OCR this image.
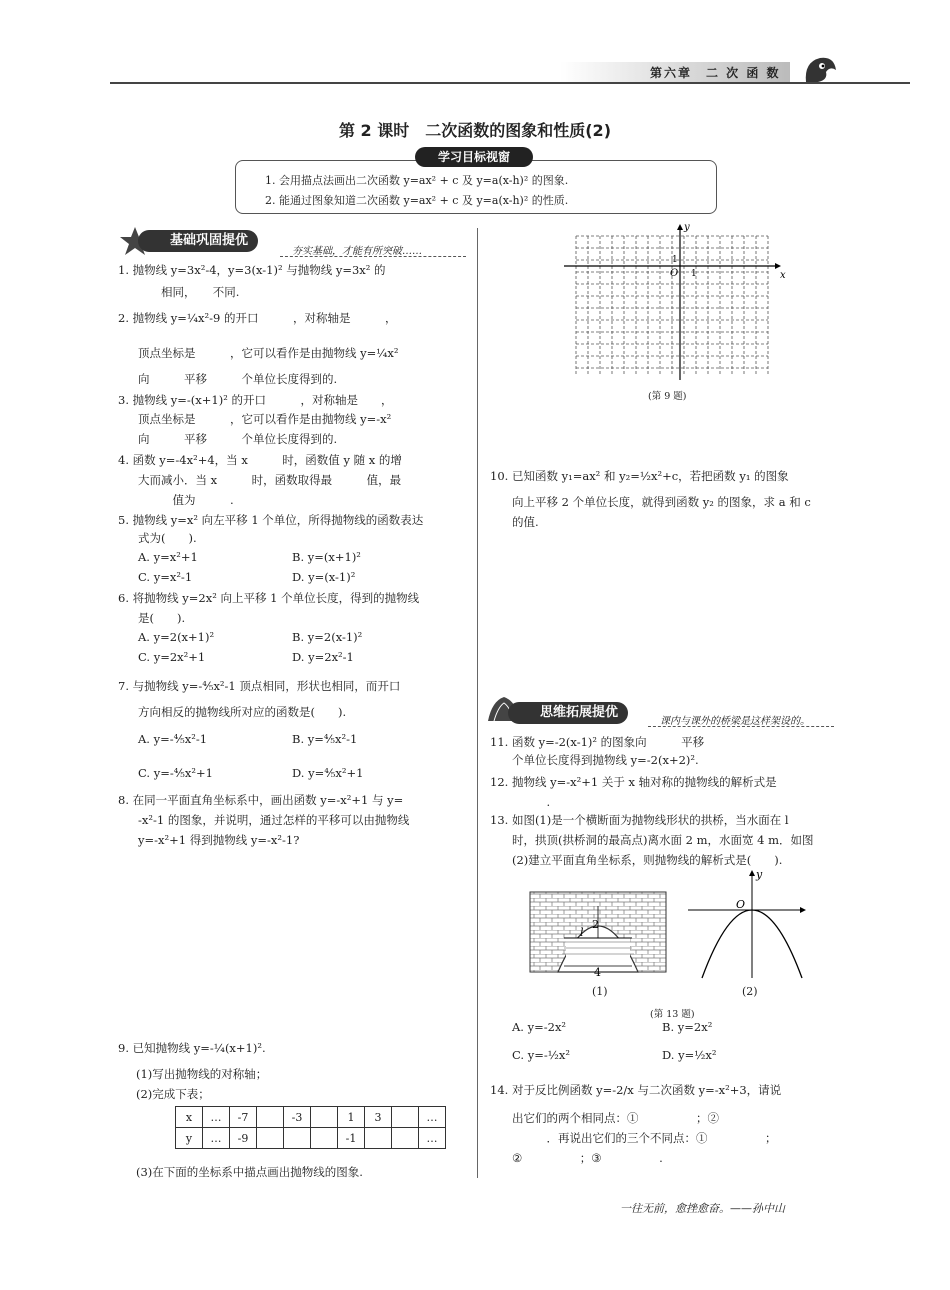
第六章　二 次 函 数
第 2 课时　二次函数的图象和性质(2)
学习目标视窗
1. 会用描点法画出二次函数 y=ax² + c 及 y=a(x-h)² 的图象.
2. 能通过图象知道二次函数 y=ax² + c 及 y=a(x-h)² 的性质.
基础巩固提优
夯实基础，才能有所突破……
1. 抛物线 y=3x²-4，y=3(x-1)² 与抛物线 y=3x² 的
　　相同，　　不同.
2. 抛物线 y=¼x²-9 的开口　　　，对称轴是　　　，
顶点坐标是　　　，它可以看作是由抛物线 y=¼x²
向　　　平移　　　个单位长度得到的.
3. 抛物线 y=-(x+1)² 的开口　　　，对称轴是　　，
顶点坐标是　　　，它可以看作是由抛物线 y=-x²
向　　　平移　　　个单位长度得到的.
4. 函数 y=-4x²+4，当 x　　　时，函数值 y 随 x 的增
大而减小．当 x　　　时，函数取得最　　　值，最
　　　值为　　　.
5. 抛物线 y=x² 向左平移 1 个单位，所得抛物线的函数表达
式为(　　).
A. y=x²+1	B. y=(x+1)²
C. y=x²-1	D. y=(x-1)²
6. 将抛物线 y=2x² 向上平移 1 个单位长度，得到的抛物线
是(　　).
A. y=2(x+1)²	B. y=2(x-1)²
C. y=2x²+1	D. y=2x²-1
7. 与抛物线 y=-⁴⁄₅x²-1 顶点相同，形状也相同，而开口
方向相反的抛物线所对应的函数是(　　).
A. y=-⁴⁄₅x²-1	B. y=⁴⁄₅x²-1
C. y=-⁴⁄₅x²+1	D. y=⁴⁄₅x²+1
8. 在同一平面直角坐标系中，画出函数 y=-x²+1 与 y=
-x²-1 的图象，并说明，通过怎样的平移可以由抛物线
y=-x²+1 得到抛物线 y=-x²-1?
9. 已知抛物线 y=-¼(x+1)².
(1)写出抛物线的对称轴；
(2)完成下表；
x	…	-7		-3		1	3		…
y	…	-9				-1			…
(3)在下面的坐标系中描点画出抛物线的图象.
y
x
O 1
1
(第 9 题)
10. 已知函数 y₁=ax² 和 y₂=½x²+c，若把函数 y₁ 的图象
向上平移 2 个单位长度，就得到函数 y₂ 的图象，求 a 和 c
的值.
思维拓展提优
课内与课外的桥梁是这样架设的。
11. 函数 y=-2(x-1)² 的图象向　　　平移　　　
个单位长度得到抛物线 y=-2(x+2)².
12. 抛物线 y=-x²+1 关于 x 轴对称的抛物线的解析式是
　　　.
13. 如图(1)是一个横断面为抛物线形状的拱桥，当水面在 l
时，拱顶(拱桥洞的最高点)离水面 2 m，水面宽 4 m．如图
(2)建立平面直角坐标系，则抛物线的解析式是(　　).
2
l
4
(1)
O
y
(2)
(第 13 题)
A. y=-2x²	B. y=2x²
C. y=-½x²	D. y=½x²
14. 对于反比例函数 y=-2/x 与二次函数 y=-x²+3，请说
出它们的两个相同点：①　　　　　；②　　　　　
　　　．再说出它们的三个不同点：①　　　　　；
②　　　　　；③　　　　　.
一往无前，愈挫愈奋。——孙中山
